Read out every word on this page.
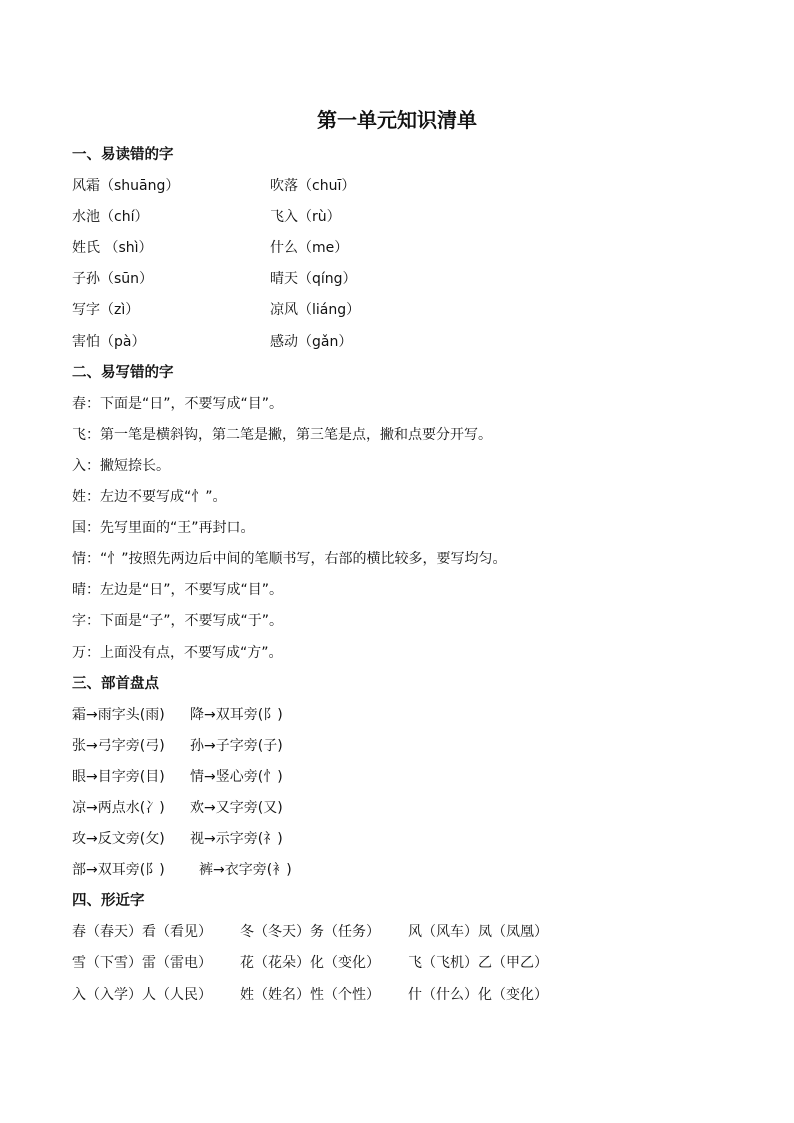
第一单元知识清单
一、易读错的字
风霜（shuāng）	吹落（chuī）
水池（chí）	飞入（rù）
姓氏 （shì）	什么（me）
子孙（sūn）	晴天（qíng）
写字（zì）	凉风（liáng）
害怕（pà）	感动（gǎn）
二、易写错的字
春：下面是“日”，不要写成“目”。
飞：第一笔是横斜钩，第二笔是撇，第三笔是点，撇和点要分开写。
入：撇短捺长。
姓：左边不要写成“忄”。
国：先写里面的“王”再封口。
情：“忄”按照先两边后中间的笔顺书写，右部的横比较多，要写均匀。
晴：左边是“日”，不要写成“目”。
字：下面是“子”，不要写成“于”。
万：上面没有点，不要写成“方”。
三、部首盘点
霜→雨字头(雨) 降→双耳旁(阝)
张→弓字旁(弓) 孙→子字旁(子)
眼→目字旁(目) 情→竖心旁(忄)
凉→两点水(冫) 欢→又字旁(又)
攻→反文旁(攵) 视→示字旁(礻)
部→双耳旁(阝) 裤→衣字旁(衤)
四、形近字
春（春天）看（看见） 冬（冬天）务（任务） 风（风车）凤（凤凰）
雪（下雪）雷（雷电） 花（花朵）化（变化） 飞（飞机）乙（甲乙）
入（入学）人（人民） 姓（姓名）性（个性） 什（什么）化（变化）
